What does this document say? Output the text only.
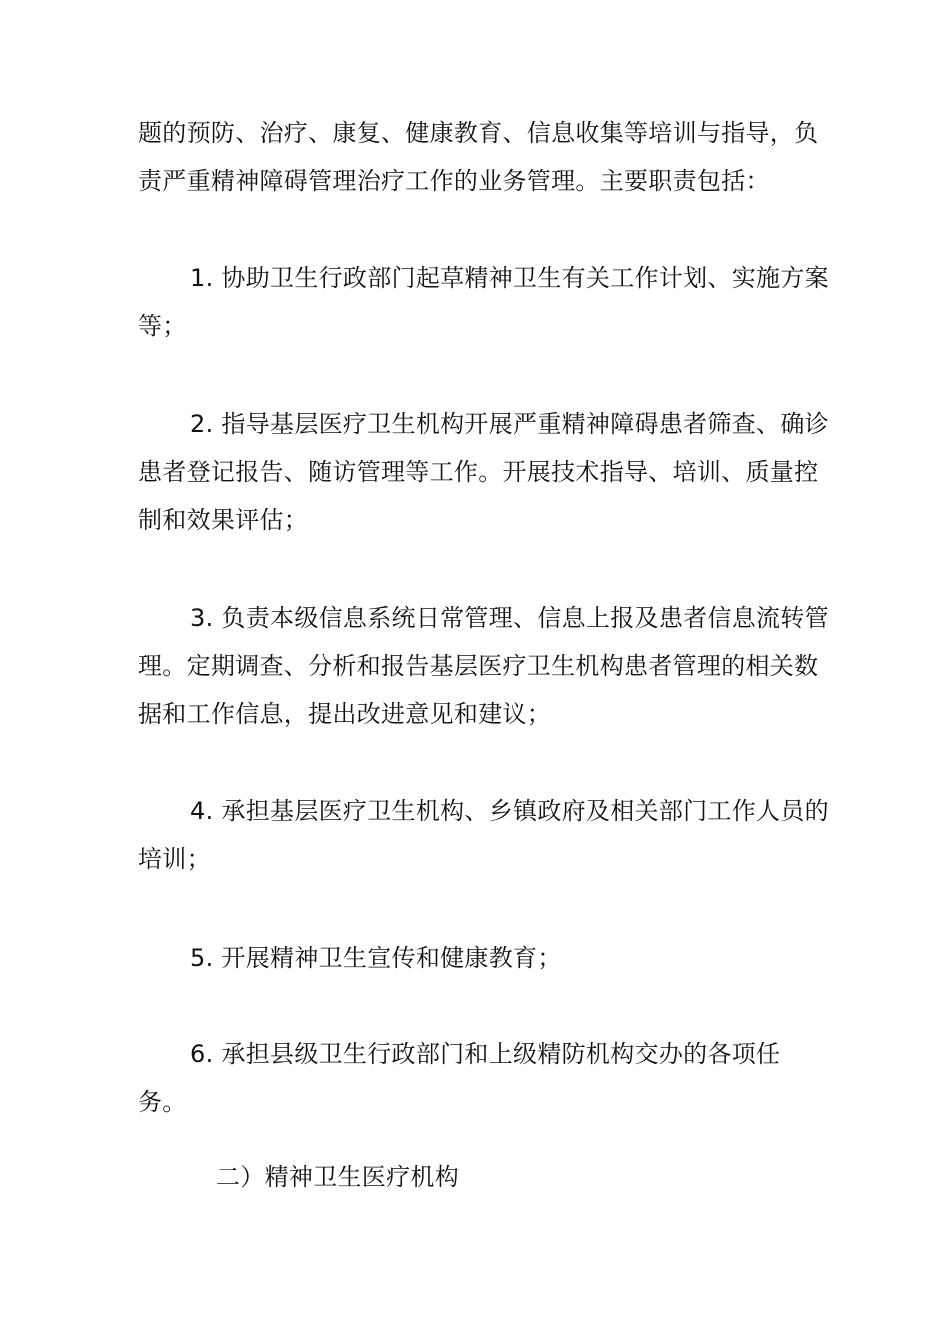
题的预防、治疗、康复、健康教育、信息收集等培训与指导，负责严重精神障碍管理治疗工作的业务管理。主要职责包括：

1. 协助卫生行政部门起草精神卫生有关工作计划、实施方案等；

2. 指导基层医疗卫生机构开展严重精神障碍患者筛查、确诊患者登记报告、随访管理等工作。开展技术指导、培训、质量控制和效果评估；

3. 负责本级信息系统日常管理、信息上报及患者信息流转管理。定期调查、分析和报告基层医疗卫生机构患者管理的相关数据和工作信息，提出改进意见和建议；

4. 承担基层医疗卫生机构、乡镇政府及相关部门工作人员的培训；

5. 开展精神卫生宣传和健康教育；

6. 承担县级卫生行政部门和上级精防机构交办的各项任务。

二）精神卫生医疗机构
